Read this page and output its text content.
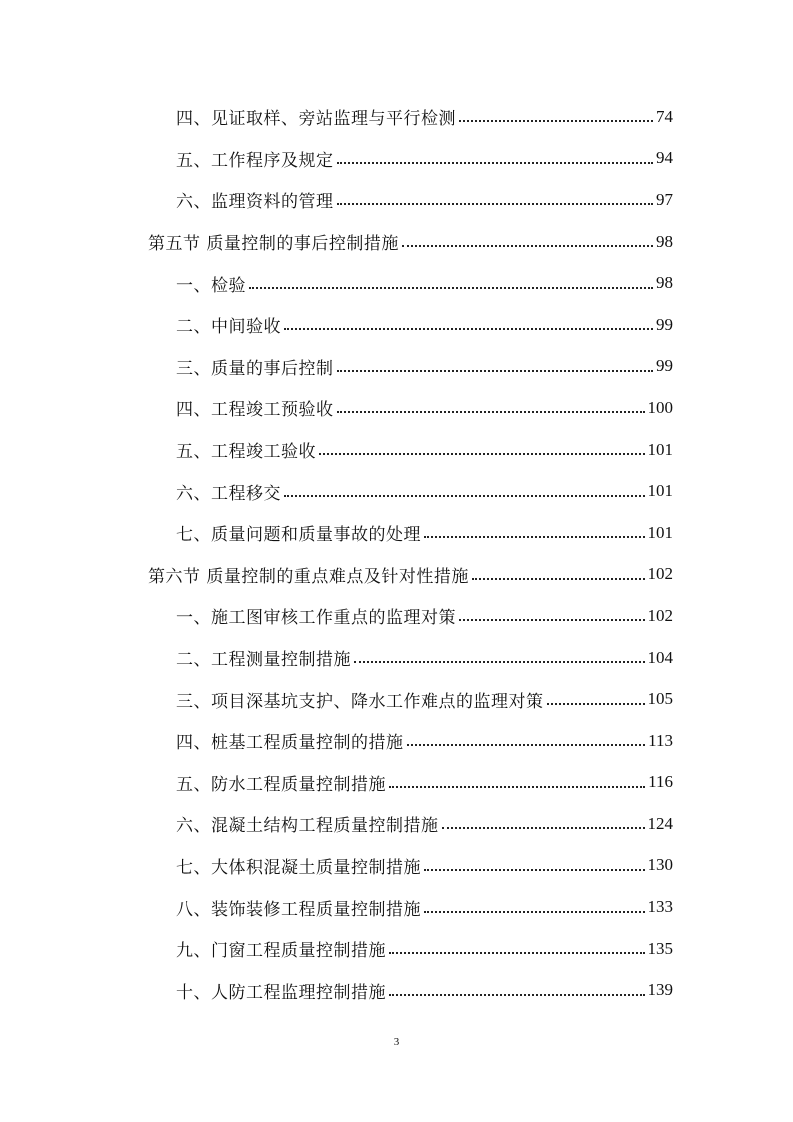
四、见证取样、旁站监理与平行检测	74
五、工作程序及规定	94
六、监理资料的管理	97
第五节 质量控制的事后控制措施	98
一、检验	98
二、中间验收	99
三、质量的事后控制	99
四、工程竣工预验收	100
五、工程竣工验收	101
六、工程移交	101
七、质量问题和质量事故的处理	101
第六节 质量控制的重点难点及针对性措施	102
一、施工图审核工作重点的监理对策	102
二、工程测量控制措施	104
三、项目深基坑支护、降水工作难点的监理对策	105
四、桩基工程质量控制的措施	113
五、防水工程质量控制措施	116
六、混凝土结构工程质量控制措施	124
七、大体积混凝土质量控制措施	130
八、装饰装修工程质量控制措施	133
九、门窗工程质量控制措施	135
十、人防工程监理控制措施	139
3
